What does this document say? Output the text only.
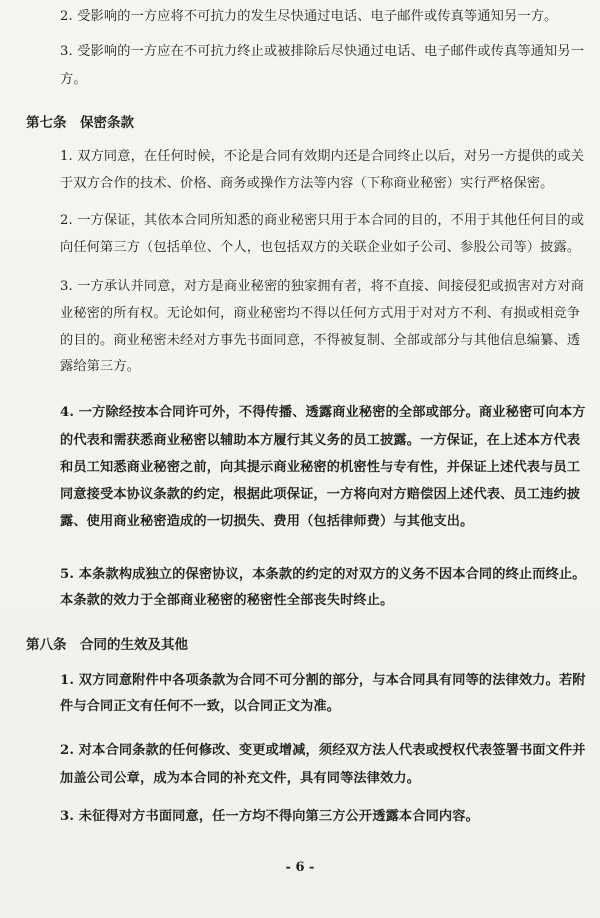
2. 受影响的一方应将不可抗力的发生尽快通过电话、电子邮件或传真等通知另一方。
3. 受影响的一方应在不可抗力终止或被排除后尽快通过电话、电子邮件或传真等通知另一
方。
第七条　保密条款
1. 双方同意，在任何时候，不论是合同有效期内还是合同终止以后，对另一方提供的或关
于双方合作的技术、价格、商务或操作方法等内容（下称商业秘密）实行严格保密。
2. 一方保证，其依本合同所知悉的商业秘密只用于本合同的目的，不用于其他任何目的或
向任何第三方（包括单位、个人，也包括双方的关联企业如子公司、参股公司等）披露。
3. 一方承认并同意，对方是商业秘密的独家拥有者，将不直接、间接侵犯或损害对方对商
业秘密的所有权。无论如何，商业秘密均不得以任何方式用于对对方不利、有损或相竞争
的目的。商业秘密未经对方事先书面同意，不得被复制、全部或部分与其他信息编纂、透
露给第三方。
4. 一方除经按本合同许可外，不得传播、透露商业秘密的全部或部分。商业秘密可向本方
的代表和需获悉商业秘密以辅助本方履行其义务的员工披露。一方保证，在上述本方代表
和员工知悉商业秘密之前，向其提示商业秘密的机密性与专有性，并保证上述代表与员工
同意接受本协议条款的约定，根据此项保证，一方将向对方赔偿因上述代表、员工违约披
露、使用商业秘密造成的一切损失、费用（包括律师费）与其他支出。
5. 本条款构成独立的保密协议，本条款的约定的对双方的义务不因本合同的终止而终止。
本条款的效力于全部商业秘密的秘密性全部丧失时终止。
第八条　合同的生效及其他
1. 双方同意附件中各项条款为合同不可分割的部分，与本合同具有同等的法律效力。若附
件与合同正文有任何不一致，以合同正文为准。
2. 对本合同条款的任何修改、变更或增减，须经双方法人代表或授权代表签署书面文件并
加盖公司公章，成为本合同的补充文件，具有同等法律效力。
3. 未征得对方书面同意，任一方均不得向第三方公开透露本合同内容。
- 6 -
